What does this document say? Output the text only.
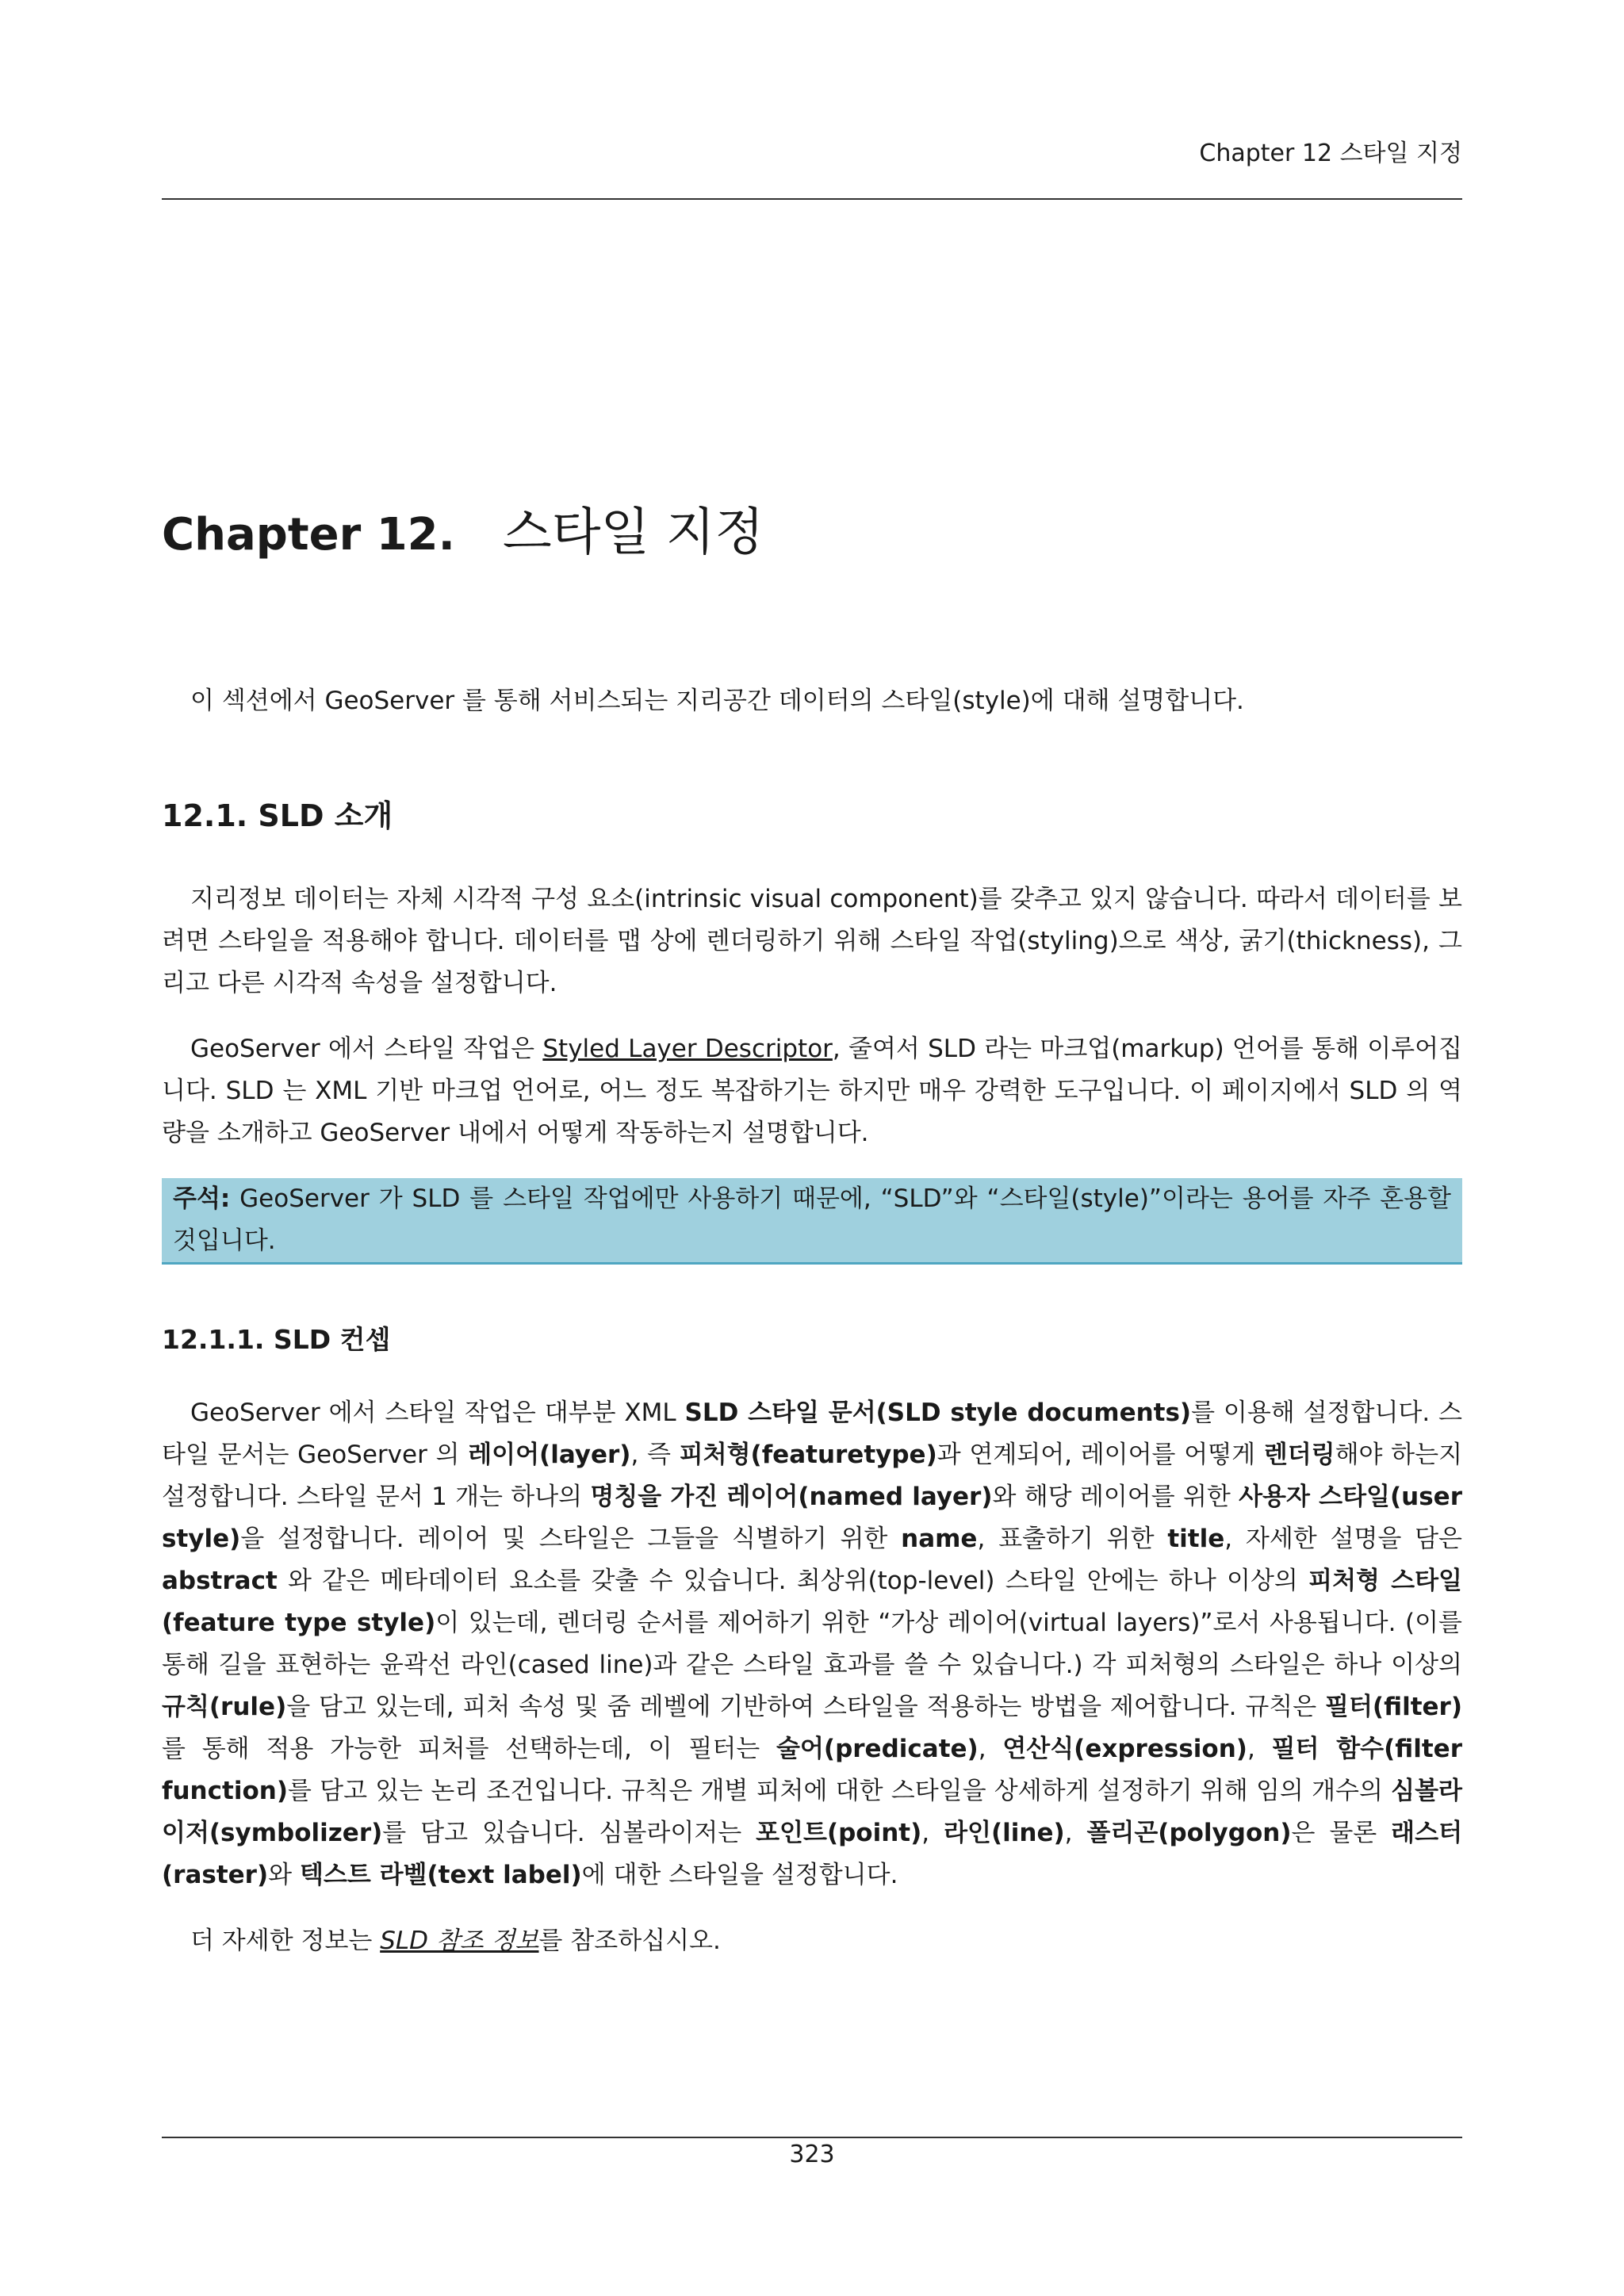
Chapter 12 스타일 지정
Chapter 12. 스타일 지정

이 섹션에서 GeoServer 를 통해 서비스되는 지리공간 데이터의 스타일(style)에 대해 설명합니다.

12.1. SLD 소개

지리정보 데이터는 자체 시각적 구성 요소(intrinsic visual component)를 갖추고 있지 않습니다. 따라서 데이터를 보려면 스타일을 적용해야 합니다. 데이터를 맵 상에 렌더링하기 위해 스타일 작업(styling)으로 색상, 굵기(thickness), 그리고 다른 시각적 속성을 설정합니다.

GeoServer 에서 스타일 작업은 Styled Layer Descriptor, 줄여서 SLD 라는 마크업(markup) 언어를 통해 이루어집니다. SLD 는 XML 기반 마크업 언어로, 어느 정도 복잡하기는 하지만 매우 강력한 도구입니다. 이 페이지에서 SLD 의 역량을 소개하고 GeoServer 내에서 어떻게 작동하는지 설명합니다.

주석: GeoServer 가 SLD 를 스타일 작업에만 사용하기 때문에, “SLD”와 “스타일(style)”이라는 용어를 자주 혼용할 것입니다.
12.1.1. SLD 컨셉

GeoServer 에서 스타일 작업은 대부분 XML SLD 스타일 문서(SLD style documents)를 이용해 설정합니다. 스타일 문서는 GeoServer 의 레이어(layer), 즉 피처형(featuretype)과 연계되어, 레이어를 어떻게 렌더링해야 하는지 설정합니다. 스타일 문서 1 개는 하나의 명칭을 가진 레이어(named layer)와 해당 레이어를 위한 사용자 스타일(user style)을 설정합니다. 레이어 및 스타일은 그들을 식별하기 위한 name, 표출하기 위한 title, 자세한 설명을 담은 abstract 와 같은 메타데이터 요소를 갖출 수 있습니다. 최상위(top-level) 스타일 안에는 하나 이상의 피처형 스타일(feature type style)이 있는데, 렌더링 순서를 제어하기 위한 “가상 레이어(virtual layers)”로서 사용됩니다. (이를 통해 길을 표현하는 윤곽선 라인(cased line)과 같은 스타일 효과를 쓸 수 있습니다.) 각 피처형의 스타일은 하나 이상의 규칙(rule)을 담고 있는데, 피처 속성 및 줌 레벨에 기반하여 스타일을 적용하는 방법을 제어합니다. 규칙은 필터(filter)를 통해 적용 가능한 피처를 선택하는데, 이 필터는 술어(predicate), 연산식(expression), 필터 함수(filter function)를 담고 있는 논리 조건입니다. 규칙은 개별 피처에 대한 스타일을 상세하게 설정하기 위해 임의 개수의 심볼라이저(symbolizer)를 담고 있습니다. 심볼라이저는 포인트(point), 라인(line), 폴리곤(polygon)은 물론 래스터(raster)와 텍스트 라벨(text label)에 대한 스타일을 설정합니다.

더 자세한 정보는 SLD 참조 정보를 참조하십시오.

323
